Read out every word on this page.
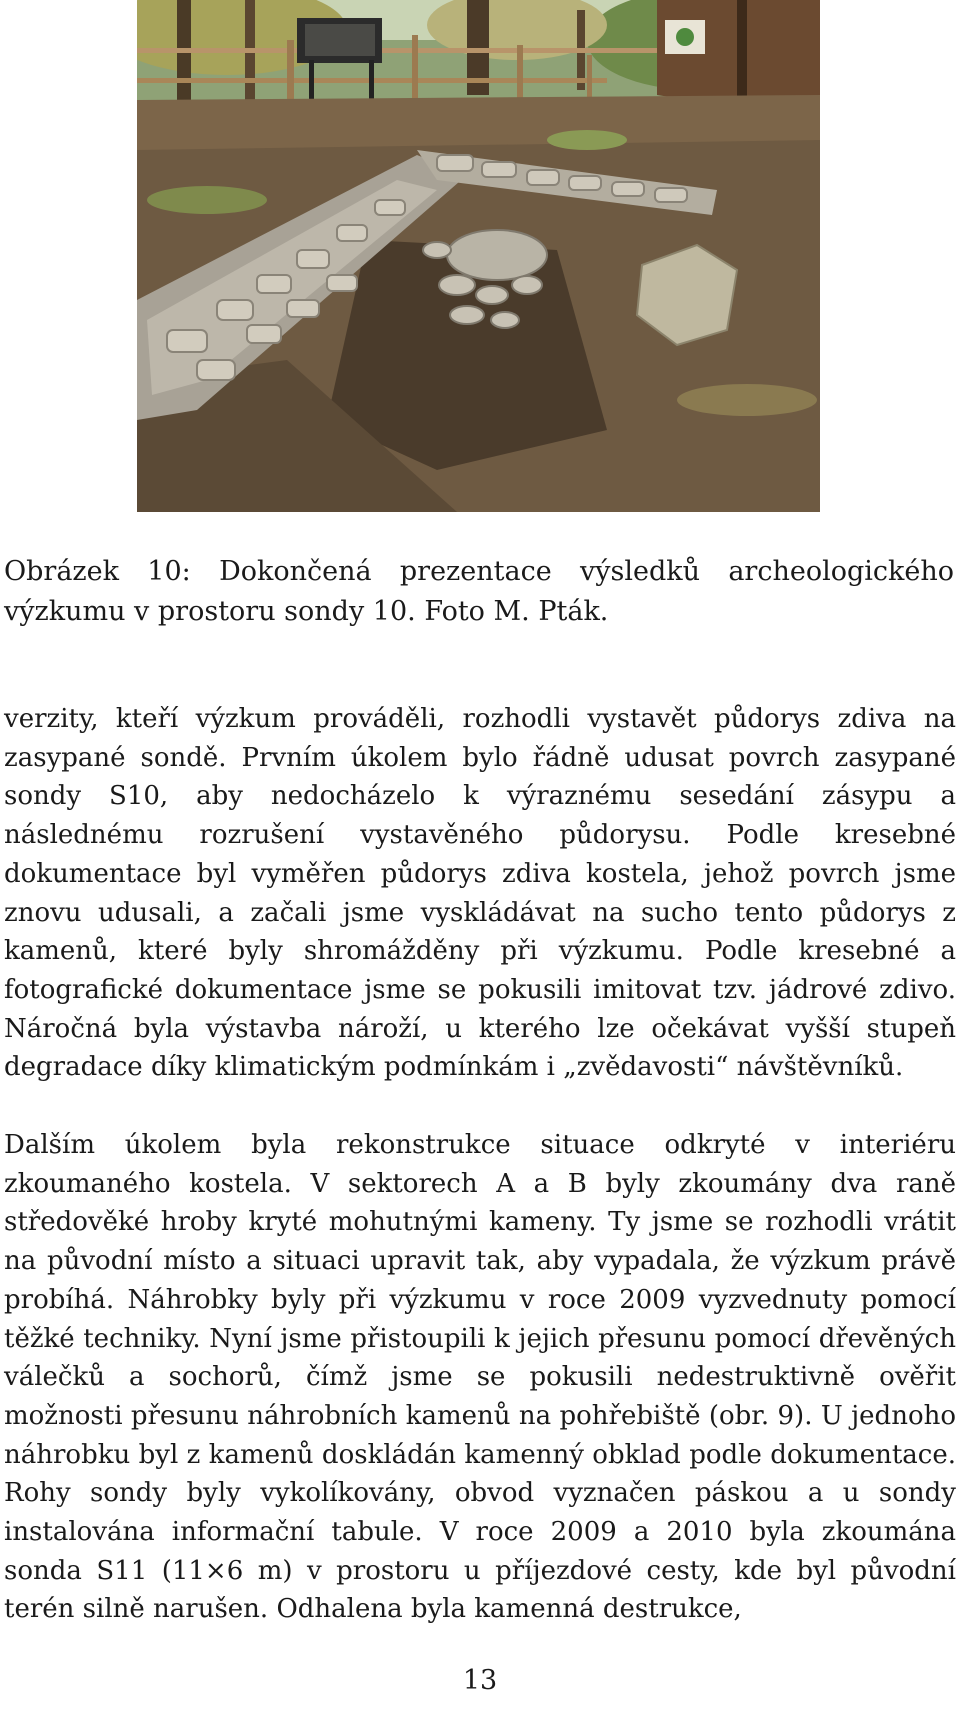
Obrázek 10: Dokončená prezentace výsledků archeologického výzkumu v prostoru sondy 10. Foto M. Pták.

verzity, kteří výzkum prováděli, rozhodli vystavět půdorys zdiva na zasypané sondě. Prvním úkolem bylo řádně udusat povrch zasypané sondy S10, aby nedocházelo k výraznému sesedání zásypu a následnému rozrušení vystavěného půdorysu. Podle kresebné dokumentace byl vyměřen půdorys zdiva kostela, jehož povrch jsme znovu udusali, a začali jsme vyskládávat na sucho tento půdorys z kamenů, které byly shromážděny při výzkumu. Podle kresebné a fotografické dokumentace jsme se pokusili imitovat tzv. jádrové zdivo. Náročná byla výstavba nároží, u kterého lze očekávat vyšší stupeň degradace díky klimatickým podmínkám i „zvědavosti“ návštěvníků.

Dalším úkolem byla rekonstrukce situace odkryté v interiéru zkoumaného kostela. V sektorech A a B byly zkoumány dva raně středověké hroby kryté mohutnými kameny. Ty jsme se rozhodli vrátit na původní místo a situaci upravit tak, aby vypadala, že výzkum právě probíhá. Náhrobky byly při výzkumu v roce 2009 vyzvednuty pomocí těžké techniky. Nyní jsme přistoupili k jejich přesunu pomocí dřevěných válečků a sochorů, čímž jsme se pokusili nedestruktivně ověřit možnosti přesunu náhrobních kamenů na pohřebiště (obr. 9). U jednoho náhrobku byl z kamenů doskládán kamenný obklad podle dokumentace. Rohy sondy byly vykolíkovány, obvod vyznačen páskou a u sondy instalována informační tabule. V roce 2009 a 2010 byla zkoumána sonda S11 (11×6 m) v prostoru u příjezdové cesty, kde byl původní terén silně narušen. Odhalena byla kamenná destrukce,

13
